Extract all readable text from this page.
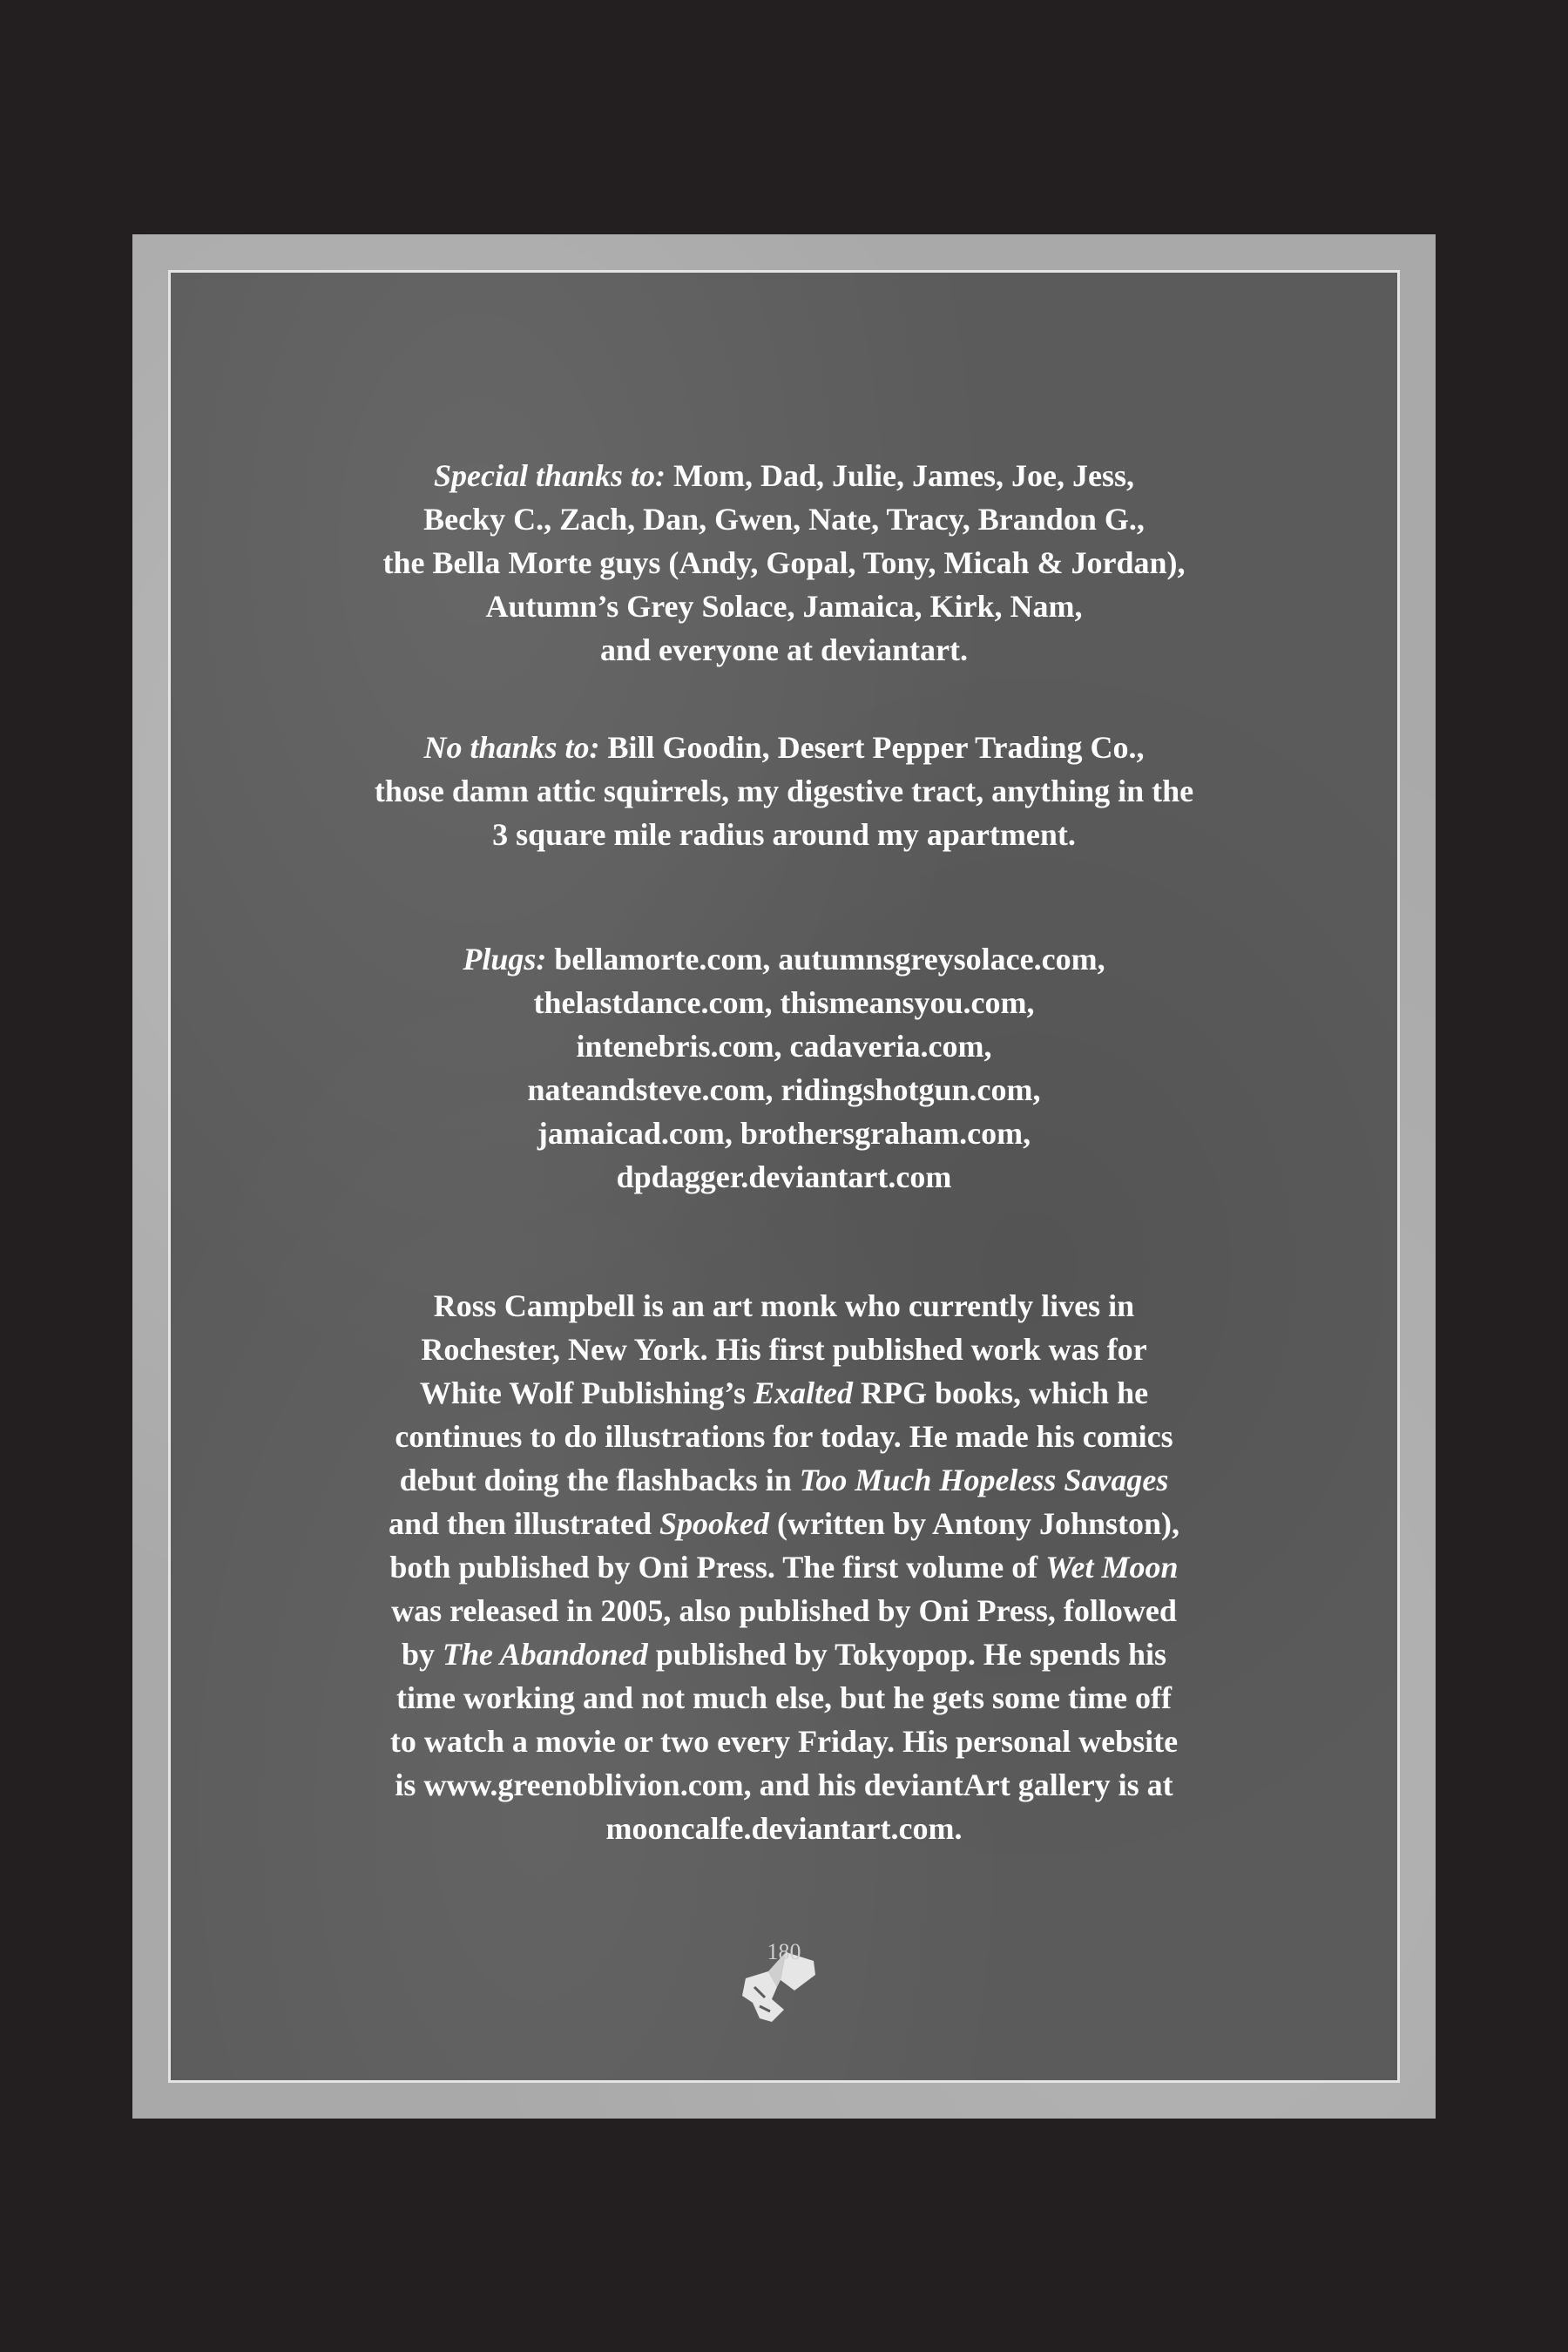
Special thanks to: Mom, Dad, Julie, James, Joe, Jess,

Becky C., Zach, Dan, Gwen, Nate, Tracy, Brandon G.,

the Bella Morte guys (Andy, Gopal, Tony, Micah & Jordan),

Autumn’s Grey Solace, Jamaica, Kirk, Nam,

and everyone at deviantart.

No thanks to: Bill Goodin, Desert Pepper Trading Co.,

those damn attic squirrels, my digestive tract, anything in the

3 square mile radius around my apartment.

Plugs: bellamorte.com, autumnsgreysolace.com,

thelastdance.com, thismeansyou.com,

intenebris.com, cadaveria.com,

nateandsteve.com, ridingshotgun.com,

jamaicad.com, brothersgraham.com,

dpdagger.deviantart.com

Ross Campbell is an art monk who currently lives in

Rochester, New York. His first published work was for

White Wolf Publishing’s Exalted RPG books, which he

continues to do illustrations for today. He made his comics

debut doing the flashbacks in Too Much Hopeless Savages

and then illustrated Spooked (written by Antony Johnston),

both published by Oni Press. The first volume of Wet Moon

was released in 2005, also published by Oni Press, followed

by The Abandoned published by Tokyopop. He spends his

time working and not much else, but he gets some time off

to watch a movie or two every Friday. His personal website

is www.greenoblivion.com, and his deviantArt gallery is at

mooncalfe.deviantart.com.

180
